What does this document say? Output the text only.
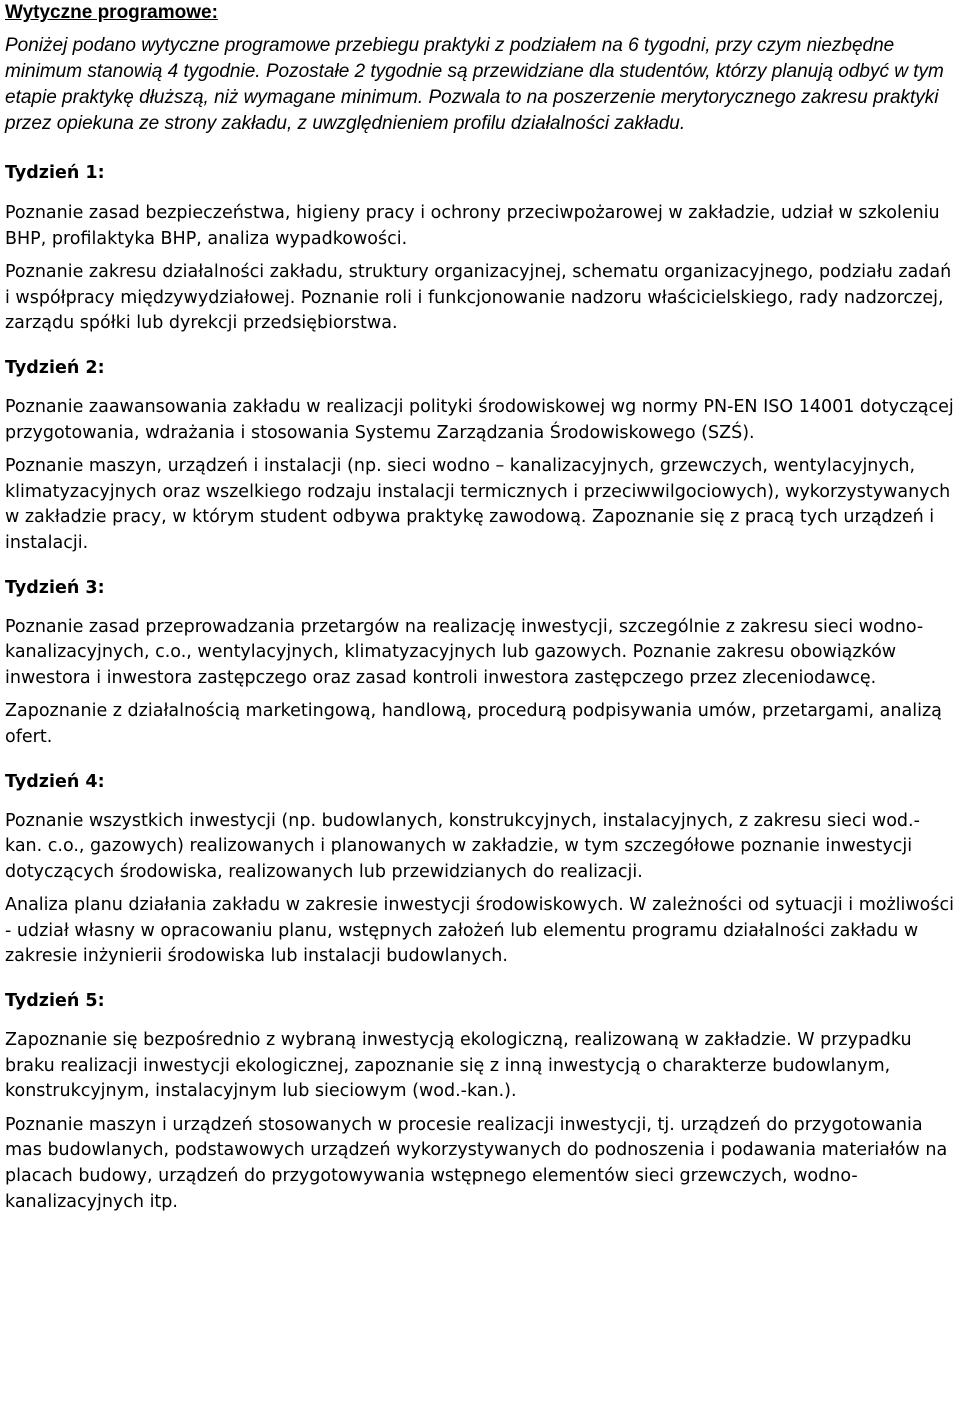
Wytyczne programowe:

Poniżej podano wytyczne programowe przebiegu praktyki z podziałem na 6 tygodni, przy czym niezbędne minimum stanowią 4 tygodnie. Pozostałe 2 tygodnie są przewidziane dla studentów, którzy planują odbyć w tym etapie praktykę dłuższą, niż wymagane minimum. Pozwala to na poszerzenie merytorycznego zakresu praktyki przez opiekuna ze strony zakładu, z uwzględnieniem profilu działalności zakładu.

Tydzień 1:

Poznanie zasad bezpieczeństwa, higieny pracy i ochrony przeciwpożarowej w zakładzie, udział w szkoleniu BHP, profilaktyka BHP, analiza wypadkowości.

Poznanie zakresu działalności zakładu, struktury organizacyjnej, schematu organizacyjnego, podziału zadań i współpracy międzywydziałowej. Poznanie roli i funkcjonowanie nadzoru właścicielskiego, rady nadzorczej, zarządu spółki lub dyrekcji przedsiębiorstwa.

Tydzień 2:

Poznanie zaawansowania zakładu w realizacji polityki środowiskowej wg normy PN-EN ISO 14001 dotyczącej przygotowania, wdrażania i stosowania Systemu Zarządzania Środowiskowego (SZŚ).

Poznanie maszyn, urządzeń i instalacji (np. sieci wodno – kanalizacyjnych, grzewczych, wentylacyjnych, klimatyzacyjnych oraz wszelkiego rodzaju instalacji termicznych i przeciwwilgociowych), wykorzystywanych w zakładzie pracy, w którym student odbywa praktykę zawodową. Zapoznanie się z pracą tych urządzeń i instalacji.

Tydzień 3:

Poznanie zasad przeprowadzania przetargów na realizację inwestycji, szczególnie z zakresu sieci wodno-kanalizacyjnych, c.o., wentylacyjnych, klimatyzacyjnych lub gazowych. Poznanie zakresu obowiązków inwestora i inwestora zastępczego oraz zasad kontroli inwestora zastępczego przez zleceniodawcę.

Zapoznanie z działalnością marketingową, handlową, procedurą podpisywania umów, przetargami, analizą ofert.

Tydzień 4:

Poznanie wszystkich inwestycji (np. budowlanych, konstrukcyjnych, instalacyjnych, z zakresu sieci wod.-kan. c.o., gazowych) realizowanych i planowanych w zakładzie, w tym szczegółowe poznanie inwestycji dotyczących środowiska, realizowanych lub przewidzianych do realizacji.

Analiza planu działania zakładu w zakresie inwestycji środowiskowych. W zależności od sytuacji i możliwości - udział własny w opracowaniu planu, wstępnych założeń lub elementu programu działalności zakładu w zakresie inżynierii środowiska lub instalacji budowlanych.

Tydzień 5:

Zapoznanie się bezpośrednio z wybraną inwestycją ekologiczną, realizowaną w zakładzie. W przypadku braku realizacji inwestycji ekologicznej, zapoznanie się z inną inwestycją o charakterze budowlanym, konstrukcyjnym, instalacyjnym lub sieciowym (wod.-kan.).

Poznanie maszyn i urządzeń stosowanych w procesie realizacji inwestycji, tj. urządzeń do przygotowania mas budowlanych, podstawowych urządzeń wykorzystywanych do podnoszenia i podawania materiałów na placach budowy, urządzeń do przygotowywania wstępnego elementów sieci grzewczych, wodno-kanalizacyjnych itp.
